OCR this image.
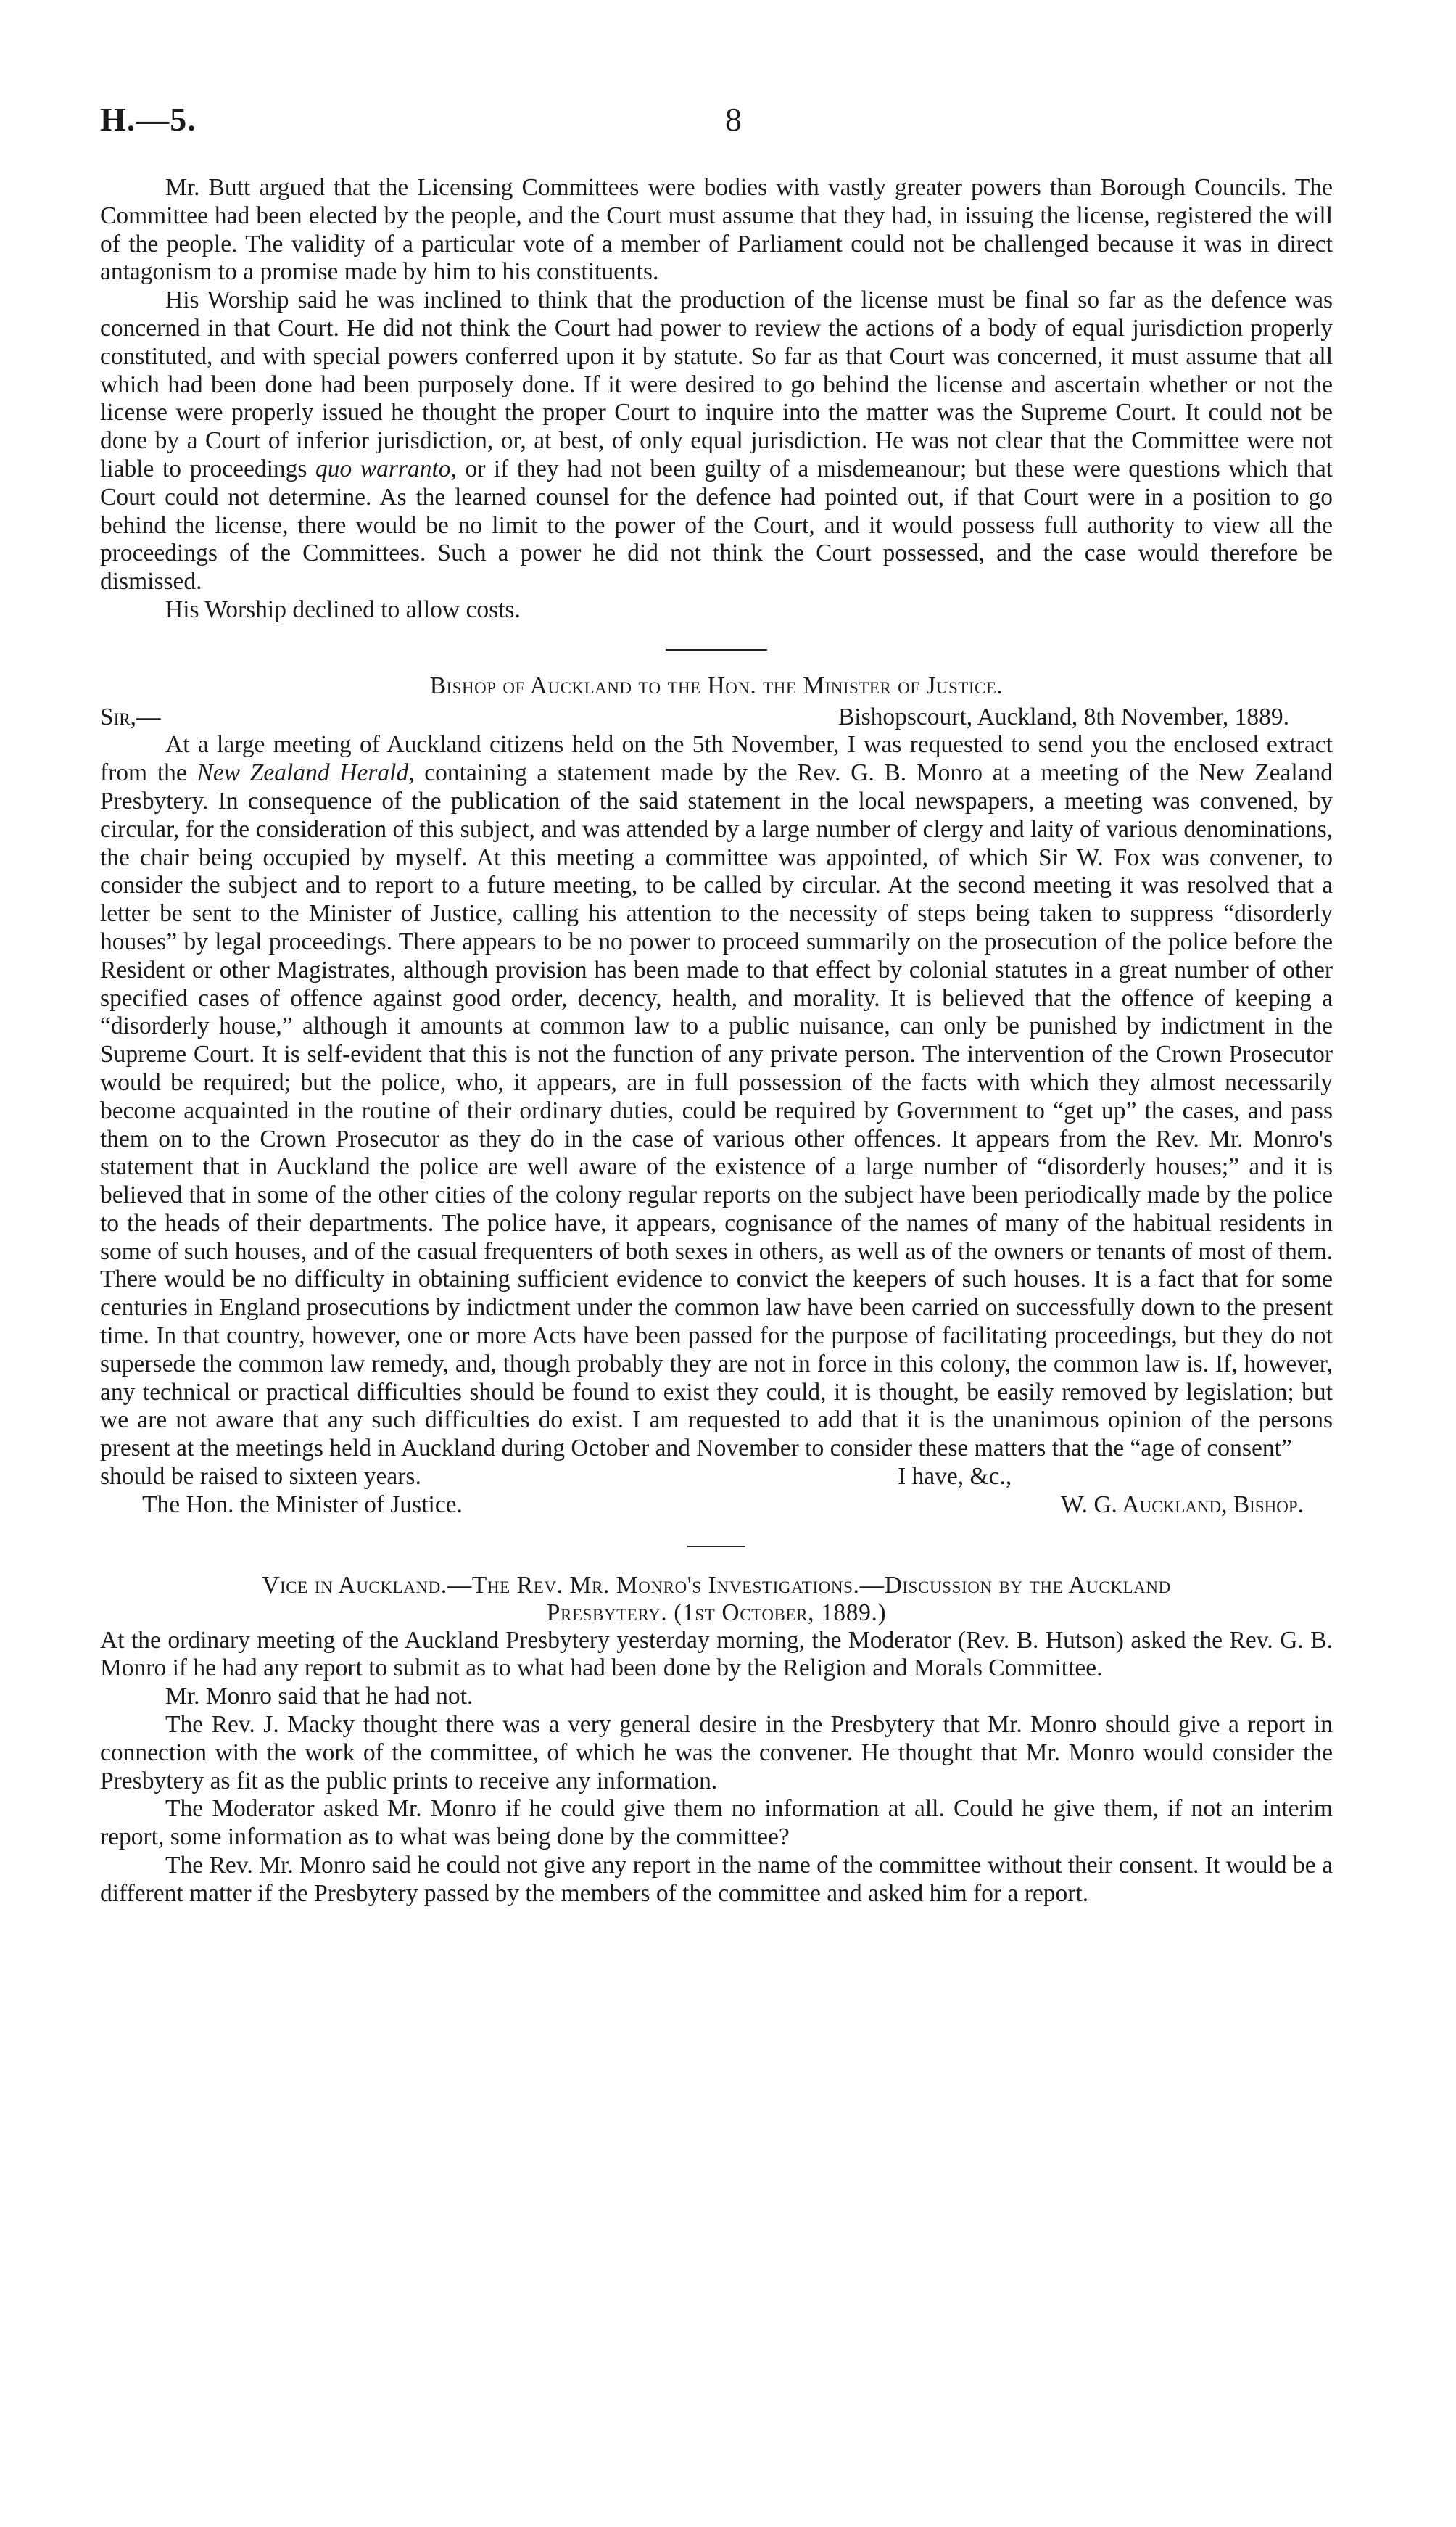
H.—5.	8

Mr. Butt argued that the Licensing Committees were bodies with vastly greater powers than Borough Councils. The Committee had been elected by the people, and the Court must assume that they had, in issuing the license, registered the will of the people. The validity of a particular vote of a member of Parliament could not be challenged because it was in direct antagonism to a promise made by him to his constituents.

His Worship said he was inclined to think that the production of the license must be final so far as the defence was concerned in that Court. He did not think the Court had power to review the actions of a body of equal jurisdiction properly constituted, and with special powers conferred upon it by statute. So far as that Court was concerned, it must assume that all which had been done had been purposely done. If it were desired to go behind the license and ascertain whether or not the license were properly issued he thought the proper Court to inquire into the matter was the Supreme Court. It could not be done by a Court of inferior jurisdiction, or, at best, of only equal jurisdiction. He was not clear that the Committee were not liable to proceedings quo warranto, or if they had not been guilty of a misdemeanour; but these were questions which that Court could not determine. As the learned counsel for the defence had pointed out, if that Court were in a position to go behind the license, there would be no limit to the power of the Court, and it would possess full authority to view all the proceedings of the Committees. Such a power he did not think the Court possessed, and the case would therefore be dismissed.

His Worship declined to allow costs.

Bishop of Auckland to the Hon. the Minister of Justice.

Sir,—	Bishopscourt, Auckland, 8th November, 1889.

At a large meeting of Auckland citizens held on the 5th November, I was requested to send you the enclosed extract from the New Zealand Herald, containing a statement made by the Rev. G. B. Monro at a meeting of the New Zealand Presbytery. In consequence of the publication of the said statement in the local newspapers, a meeting was convened, by circular, for the consideration of this subject, and was attended by a large number of clergy and laity of various denominations, the chair being occupied by myself. At this meeting a committee was appointed, of which Sir W. Fox was convener, to consider the subject and to report to a future meeting, to be called by circular. At the second meeting it was resolved that a letter be sent to the Minister of Justice, calling his attention to the necessity of steps being taken to suppress “disorderly houses” by legal proceedings. There appears to be no power to proceed summarily on the prosecution of the police before the Resident or other Magistrates, although provision has been made to that effect by colonial statutes in a great number of other specified cases of offence against good order, decency, health, and morality. It is believed that the offence of keeping a “disorderly house,” although it amounts at common law to a public nuisance, can only be punished by indictment in the Supreme Court. It is self-evident that this is not the function of any private person. The intervention of the Crown Prosecutor would be required; but the police, who, it appears, are in full possession of the facts with which they almost necessarily become acquainted in the routine of their ordinary duties, could be required by Government to “get up” the cases, and pass them on to the Crown Prosecutor as they do in the case of various other offences. It appears from the Rev. Mr. Monro's statement that in Auckland the police are well aware of the existence of a large number of “disorderly houses;” and it is believed that in some of the other cities of the colony regular reports on the subject have been periodically made by the police to the heads of their departments. The police have, it appears, cognisance of the names of many of the habitual residents in some of such houses, and of the casual frequenters of both sexes in others, as well as of the owners or tenants of most of them. There would be no difficulty in obtaining sufficient evidence to convict the keepers of such houses. It is a fact that for some centuries in England prosecutions by indictment under the common law have been carried on successfully down to the present time. In that country, however, one or more Acts have been passed for the purpose of facilitating proceedings, but they do not supersede the common law remedy, and, though probably they are not in force in this colony, the common law is. If, however, any technical or practical difficulties should be found to exist they could, it is thought, be easily removed by legislation; but we are not aware that any such difficulties do exist. I am requested to add that it is the unanimous opinion of the persons present at the meetings held in Auckland during October and November to consider these matters that the “age of consent”

should be raised to sixteen years.	I have, &c.,
The Hon. the Minister of Justice.	W. G. Auckland, Bishop.

Vice in Auckland.—The Rev. Mr. Monro's Investigations.—Discussion by the Auckland
Presbytery. (1st October, 1889.)

At the ordinary meeting of the Auckland Presbytery yesterday morning, the Moderator (Rev. B. Hutson) asked the Rev. G. B. Monro if he had any report to submit as to what had been done by the Religion and Morals Committee.

Mr. Monro said that he had not.

The Rev. J. Macky thought there was a very general desire in the Presbytery that Mr. Monro should give a report in connection with the work of the committee, of which he was the convener. He thought that Mr. Monro would consider the Presbytery as fit as the public prints to receive any information.

The Moderator asked Mr. Monro if he could give them no information at all. Could he give them, if not an interim report, some information as to what was being done by the committee?

The Rev. Mr. Monro said he could not give any report in the name of the committee without their consent. It would be a different matter if the Presbytery passed by the members of the committee and asked him for a report.
